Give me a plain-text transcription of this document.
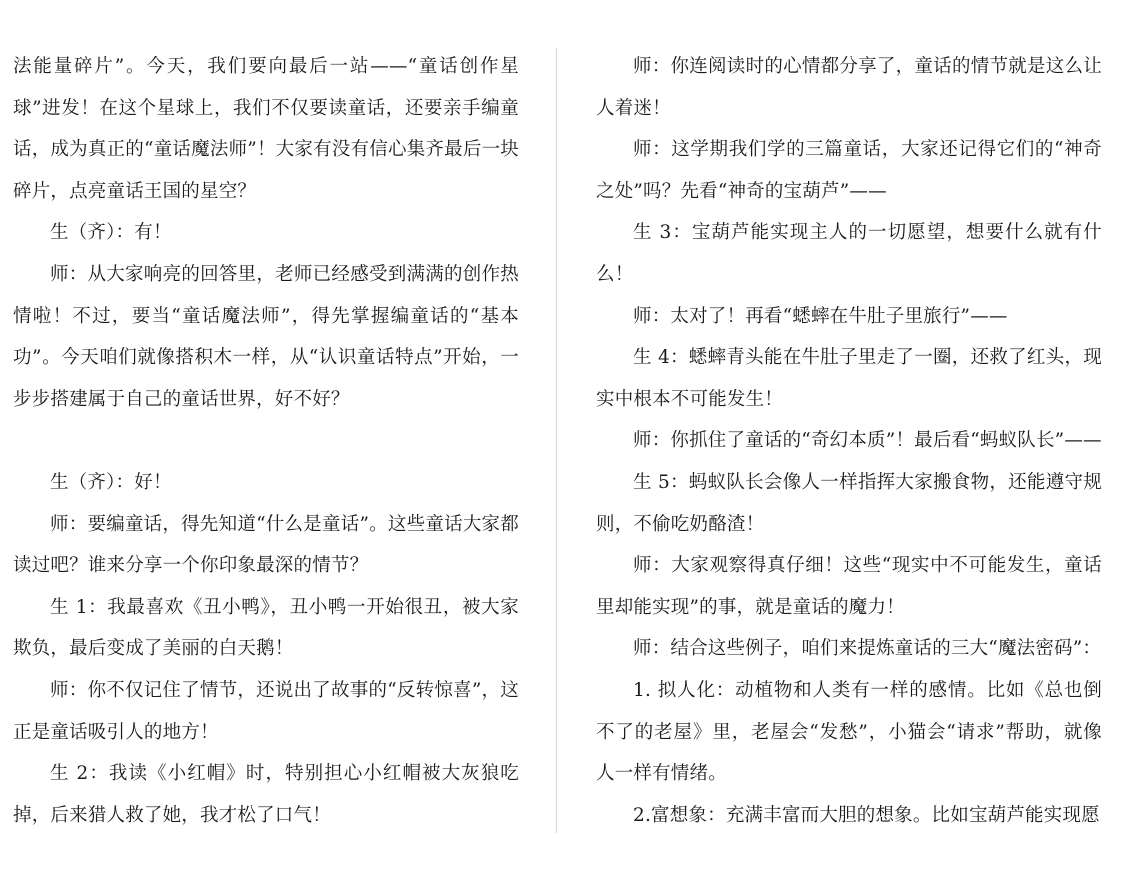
法能量碎片”。今天，我们要向最后一站——“童话创作星球”进发！在这个星球上，我们不仅要读童话，还要亲手编童话，成为真正的“童话魔法师”！大家有没有信心集齐最后一块碎片，点亮童话王国的星空？

生（齐）：有！

师：从大家响亮的回答里，老师已经感受到满满的创作热情啦！不过，要当“童话魔法师”，得先掌握编童话的“基本功”。今天咱们就像搭积木一样，从“认识童话特点”开始，一步步搭建属于自己的童话世界，好不好？

生（齐）：好！

师：要编童话，得先知道“什么是童话”。这些童话大家都读过吧？谁来分享一个你印象最深的情节？

生 1：我最喜欢《丑小鸭》，丑小鸭一开始很丑，被大家欺负，最后变成了美丽的白天鹅！

师：你不仅记住了情节，还说出了故事的“反转惊喜”，这正是童话吸引人的地方！

生 2：我读《小红帽》时，特别担心小红帽被大灰狼吃掉，后来猎人救了她，我才松了口气！

师：你连阅读时的心情都分享了，童话的情节就是这么让人着迷！

师：这学期我们学的三篇童话，大家还记得它们的“神奇之处”吗？先看“神奇的宝葫芦”——

生 3：宝葫芦能实现主人的一切愿望，想要什么就有什么！

师：太对了！再看“蟋蟀在牛肚子里旅行”——

生 4：蟋蟀青头能在牛肚子里走了一圈，还救了红头，现实中根本不可能发生！

师：你抓住了童话的“奇幻本质”！最后看“蚂蚁队长”——

生 5：蚂蚁队长会像人一样指挥大家搬食物，还能遵守规则，不偷吃奶酪渣！

师：大家观察得真仔细！这些“现实中不可能发生，童话里却能实现”的事，就是童话的魔力！

师：结合这些例子，咱们来提炼童话的三大“魔法密码”：

1. 拟人化：动植物和人类有一样的感情。比如《总也倒不了的老屋》里，老屋会“发愁”，小猫会“请求”帮助，就像人一样有情绪。

2.富想象：充满丰富而大胆的想象。比如宝葫芦能实现愿
